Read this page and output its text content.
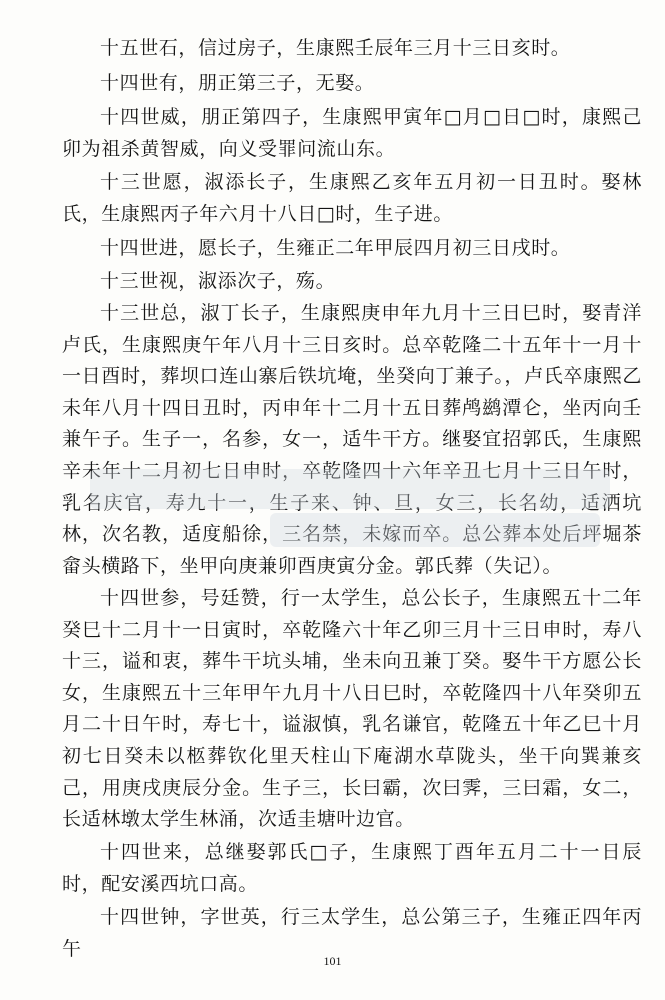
十五世石，信过房子，生康熙壬辰年三月十三日亥时。

十四世有，朋正第三子，无娶。

十四世威，朋正第四子，生康熙甲寅年□月□日□时，康熙己卯为祖杀黄智威，向义受罪问流山东。

十三世愿，淑添长子，生康熙乙亥年五月初一日丑时。娶林氏，生康熙丙子年六月十八日□时，生子进。

十四世进，愿长子，生雍正二年甲辰四月初三日戌时。

十三世视，淑添次子，殇。

十三世总，淑丁长子，生康熙庚申年九月十三日巳时，娶青洋卢氏，生康熙庚午年八月十三日亥时。总卒乾隆二十五年十一月十一日酉时，葬坝口连山寨后铁坑埯，坐癸向丁兼子。，卢氏卒康熙乙未年八月十四日丑时，丙申年十二月十五日葬鸬鹚潭仑，坐丙向壬兼午子。生子一，名参，女一，适牛干方。继娶宜招郭氏，生康熙辛未年十二月初七日申时，卒乾隆四十六年辛丑七月十三日午时，乳名庆官，寿九十一，生子来、钟、旦，女三，长名幼，适洒坑林，次名教，适度船徐，三名禁，未嫁而卒。总公葬本处后坪堀茶畲头横路下，坐甲向庚兼卯酉庚寅分金。郭氏葬（失记）。

十四世参，号廷赞，行一太学生，总公长子，生康熙五十二年癸巳十二月十一日寅时，卒乾隆六十年乙卯三月十三日申时，寿八十三，谥和衷，葬牛干坑头埔，坐未向丑兼丁癸。娶牛干方愿公长女，生康熙五十三年甲午九月十八日巳时，卒乾隆四十八年癸卯五月二十日午时，寿七十，谥淑慎，乳名谦官，乾隆五十年乙巳十月初七日癸未以柩葬钦化里天柱山下庵湖水草陇头，坐干向巽兼亥己，用庚戌庚辰分金。生子三，长曰霸，次曰霁，三曰霜，女二，长适林墩太学生林涌，次适圭塘叶边官。

十四世来，总继娶郭氏□子，生康熙丁酉年五月二十一日辰时，配安溪西坑口高。

十四世钟，字世英，行三太学生，总公第三子，生雍正四年丙午

101
